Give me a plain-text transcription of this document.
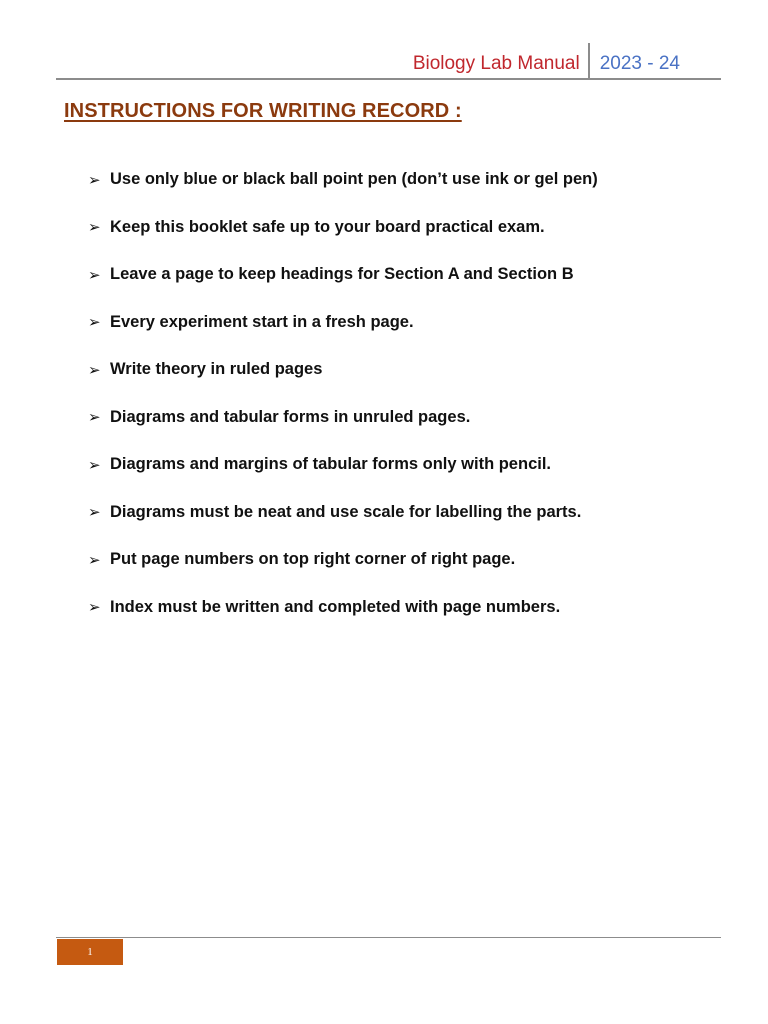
Biology Lab Manual	2023 - 24
INSTRUCTIONS FOR WRITING RECORD :
➢ Use only blue or black ball point pen (don’t use ink or gel pen)
➢ Keep this booklet safe up to your board practical exam.
➢ Leave a page to keep headings for Section A and Section B
➢ Every experiment start in a fresh page.
➢ Write theory in ruled pages
➢ Diagrams and tabular forms in unruled pages.
➢ Diagrams and margins of tabular forms only with pencil.
➢ Diagrams must be neat and use scale for labelling the parts.
➢ Put page numbers on top right corner of right page.
➢ Index must be written and completed with page numbers.
1
